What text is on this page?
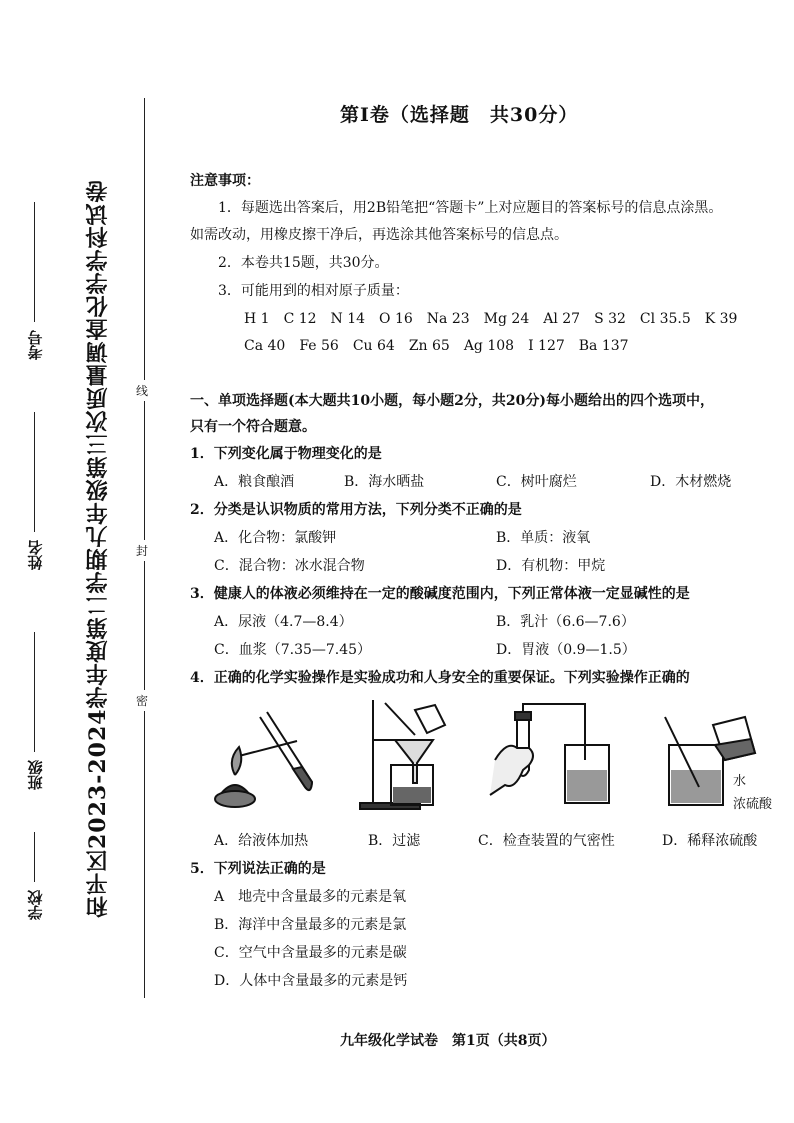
和平区2023-2024学年度第二学期九年级第三次质量调查化学学科试卷
考号
姓名
班级
学校
线
封
密
第Ⅰ卷（选择题　共30分）
注意事项：
1．每题选出答案后，用2B铅笔把“答题卡”上对应题目的答案标号的信息点涂黑。
如需改动，用橡皮擦干净后，再选涂其他答案标号的信息点。
2．本卷共15题，共30分。
3．可能用到的相对原子质量：
H 1　C 12　N 14　O 16　Na 23　Mg 24　Al 27　S 32　Cl 35.5　K 39
Ca 40　Fe 56　Cu 64　Zn 65　Ag 108　I 127　Ba 137
一、单项选择题(本大题共10小题，每小题2分，共20分)每小题给出的四个选项中，
只有一个符合题意。
1．下列变化属于物理变化的是
A．粮食酿酒	B．海水晒盐	C．树叶腐烂	D．木材燃烧
2．分类是认识物质的常用方法，下列分类不正确的是
A．化合物：氯酸钾	B．单质：液氧
C．混合物：冰水混合物	D．有机物：甲烷
3．健康人的体液必须维持在一定的酸碱度范围内，下列正常体液一定显碱性的是
A．尿液（4.7—8.4）	B．乳汁（6.6—7.6）
C．血浆（7.35—7.45）	D．胃液（0.9—1.5）
4．正确的化学实验操作是实验成功和人身安全的重要保证。下列实验操作正确的
水
浓硫酸
A．给液体加热	B．过滤	C．检查装置的气密性	D．稀释浓硫酸
5．下列说法正确的是
A　地壳中含量最多的元素是氧
B．海洋中含量最多的元素是氯
C．空气中含量最多的元素是碳
D．人体中含量最多的元素是钙
九年级化学试卷　第1页（共8页）
